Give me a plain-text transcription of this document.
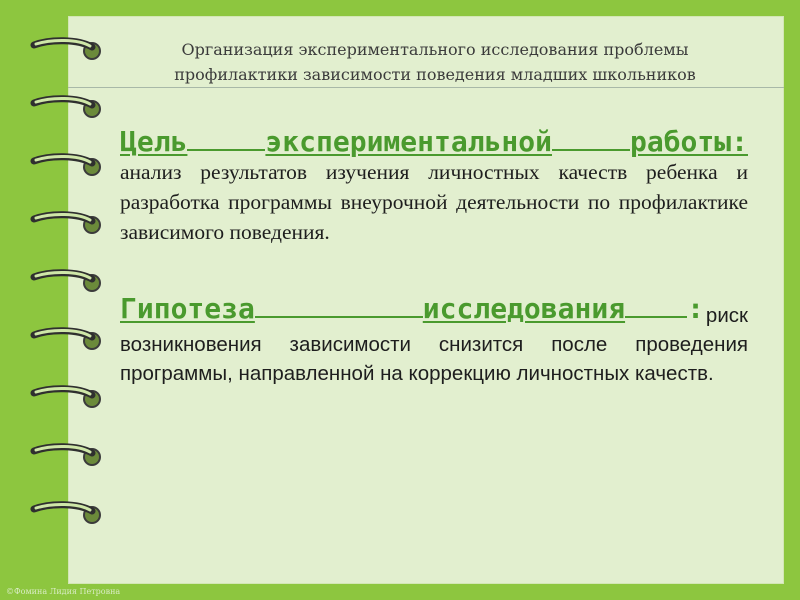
Организация экспериментального исследования проблемы
профилактики зависимости поведения младших школьников
Цель	экспериментальной	работы:
анализ результатов изучения личностных качеств ребенка и разработка программы внеурочной деятельности по профилактике зависимого поведения.
Гипотеза	исследования : риск
возникновения зависимости снизится после проведения программы, направленной на коррекцию личностных качеств.
©Фомина Лидия Петровна
